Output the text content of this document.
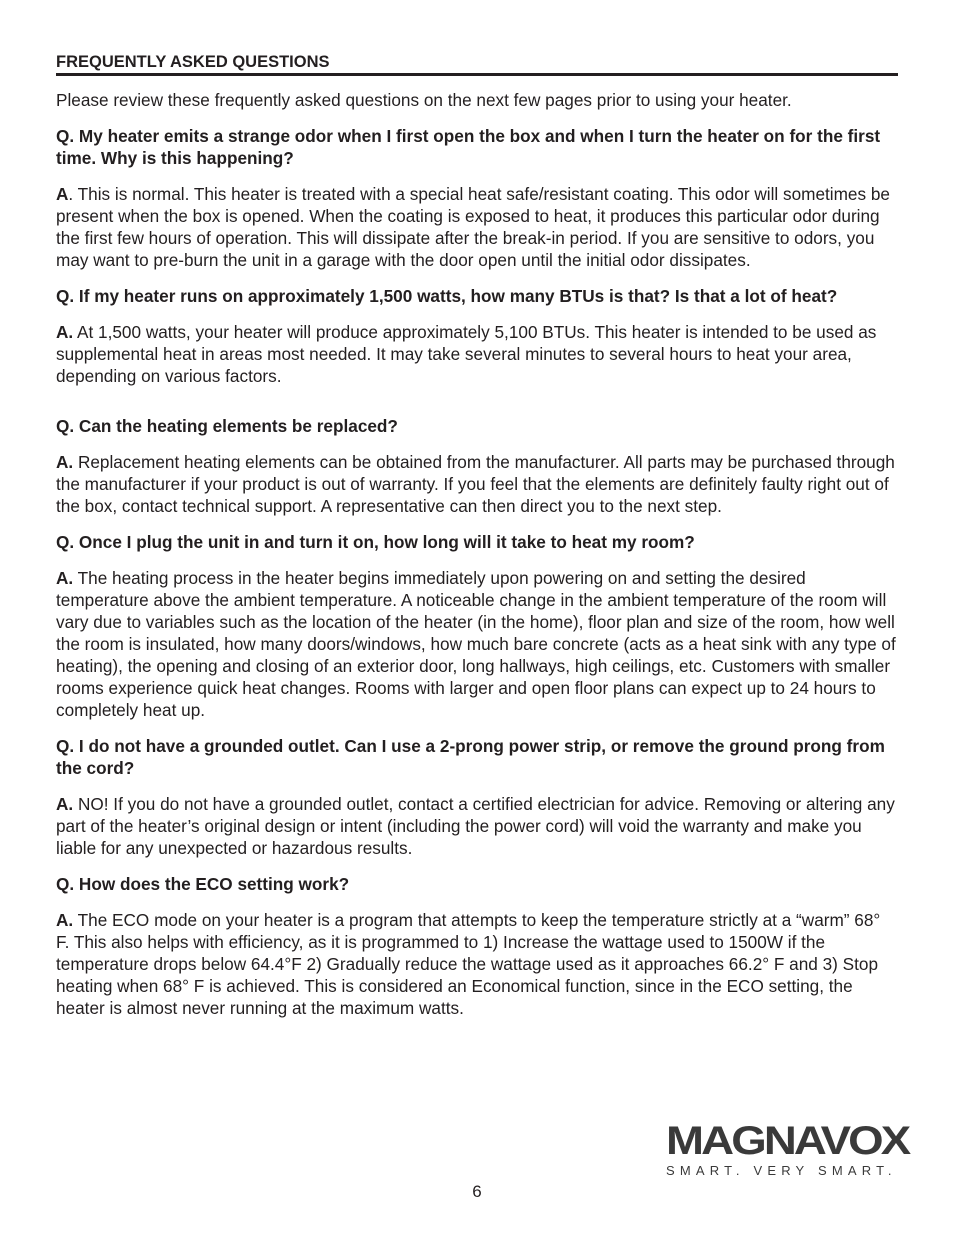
FREQUENTLY ASKED QUESTIONS

Please review these frequently asked questions on the next few pages prior to using your heater.

Q. My heater emits a strange odor when I first open the box and when I turn the heater on for the first time. Why is this happening?

A. This is normal. This heater is treated with a special heat safe/resistant coating. This odor will sometimes be present when the box is opened. When the coating is exposed to heat, it produces this particular odor during the first few hours of operation. This will dissipate after the break-in period. If you are sensitive to odors, you may want to pre-burn the unit in a garage with the door open until the initial odor dissipates.

Q. If my heater runs on approximately 1,500 watts, how many BTUs is that? Is that a lot of heat?

A. At 1,500 watts, your heater will produce approximately 5,100 BTUs. This heater is intended to be used as supplemental heat in areas most needed. It may take several minutes to several hours to heat your area, depending on various factors.

Q. Can the heating elements be replaced?

A. Replacement heating elements can be obtained from the manufacturer. All parts may be purchased through the manufacturer if your product is out of warranty. If you feel that the elements are definitely faulty right out of the box, contact technical support. A representative can then direct you to the next step.

Q. Once I plug the unit in and turn it on, how long will it take to heat my room?

A. The heating process in the heater begins immediately upon powering on and setting the desired temperature above the ambient temperature. A noticeable change in the ambient temperature of the room will vary due to variables such as the location of the heater (in the home), floor plan and size of the room, how well the room is insulated, how many doors/windows, how much bare concrete (acts as a heat sink with any type of heating), the opening and closing of an exterior door, long hallways, high ceilings, etc. Customers with smaller rooms experience quick heat changes. Rooms with larger and open floor plans can expect up to 24 hours to completely heat up.

Q. I do not have a grounded outlet. Can I use a 2-prong power strip, or remove the ground prong from the cord?

A. NO! If you do not have a grounded outlet, contact a certified electrician for advice. Removing or altering any part of the heater’s original design or intent (including the power cord) will void the warranty and make you liable for any unexpected or hazardous results.

Q. How does the ECO setting work?

A. The ECO mode on your heater is a program that attempts to keep the temperature strictly at a “warm” 68° F. This also helps with efficiency, as it is programmed to 1) Increase the wattage used to 1500W if the temperature drops below 64.4°F 2) Gradually reduce the wattage used as it approaches 66.2° F and 3) Stop heating when 68° F is achieved. This is considered an Economical function, since in the ECO setting, the heater is almost never running at the maximum watts.

MAGNAVOX
SMART. VERY SMART.
6
